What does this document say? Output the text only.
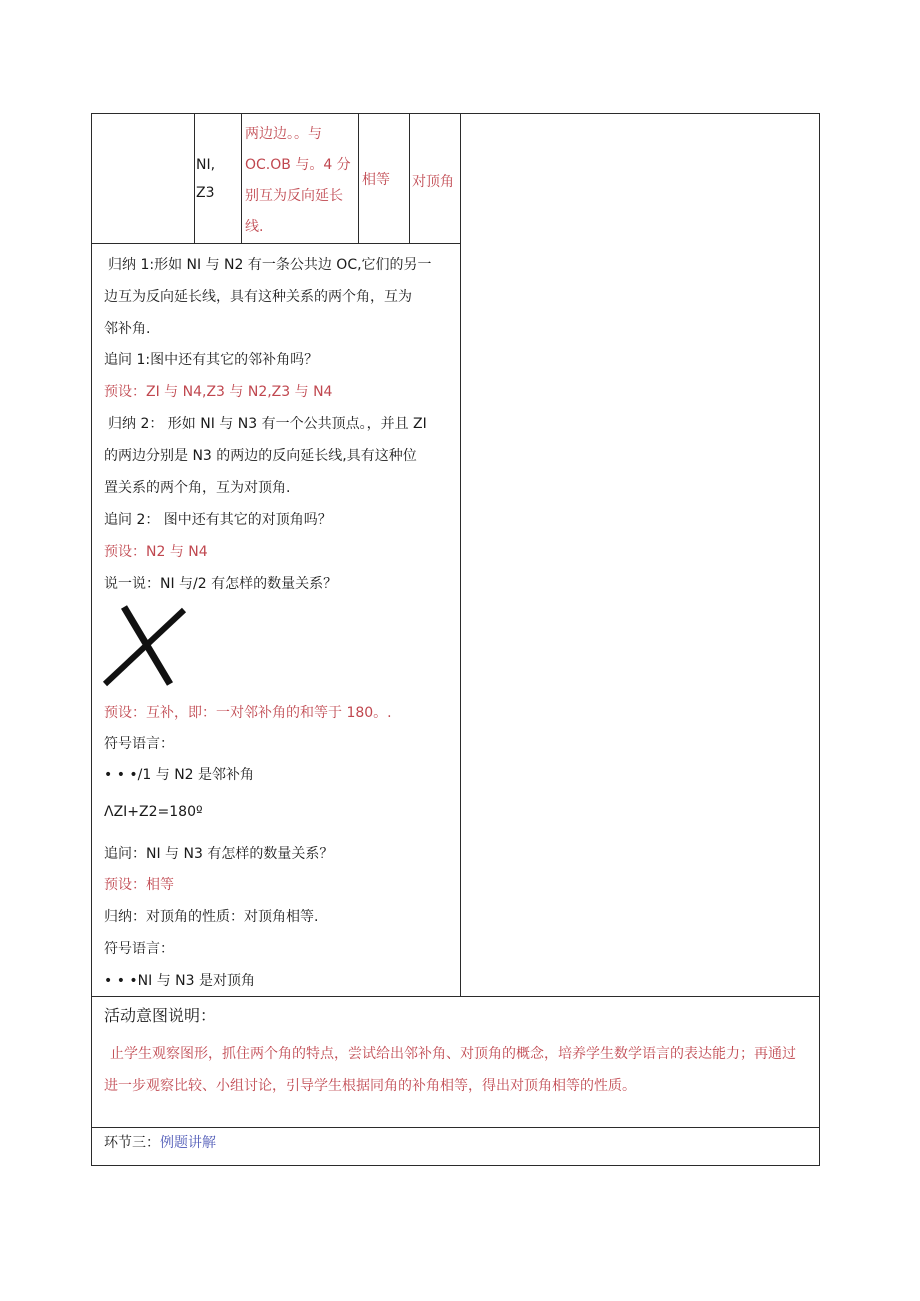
NI,
Z3
两边边。。与
OC.OB 与。4 分
别互为反向延长
线.
相等 对顶角
归纳 1:形如 NI 与 N2 有一条公共边 OC,它们的另一
边互为反向延长线，具有这种关系的两个角，互为
邻补角.
追问 1:图中还有其它的邻补角吗？
预设：ZI 与 N4,Z3 与 N2,Z3 与 N4
归纳 2： 形如 NI 与 N3 有一个公共顶点。，并且 ZI
的两边分别是 N3 的两边的反向延长线,具有这种位
置关系的两个角，互为对顶角.
追问 2： 图中还有其它的对顶角吗？
预设：N2 与 N4
说一说：NI 与/2 有怎样的数量关系？
预设：互补，即：一对邻补角的和等于 180。.
符号语言：
• • •/1 与 N2 是邻补角
ΛZI+Z2=180º
追问：NI 与 N3 有怎样的数量关系？
预设：相等
归纳：对顶角的性质：对顶角相等.
符号语言：
• • •NI 与 N3 是对顶角
活动意图说明：
止学生观察图形，抓住两个角的特点，尝试给出邻补角、对顶角的概念，培养学生数学语言的表达能力；再通过进一步观察比较、小组讨论，引导学生根据同角的补角相等，得出对顶角相等的性质。
环节三：例题讲解
